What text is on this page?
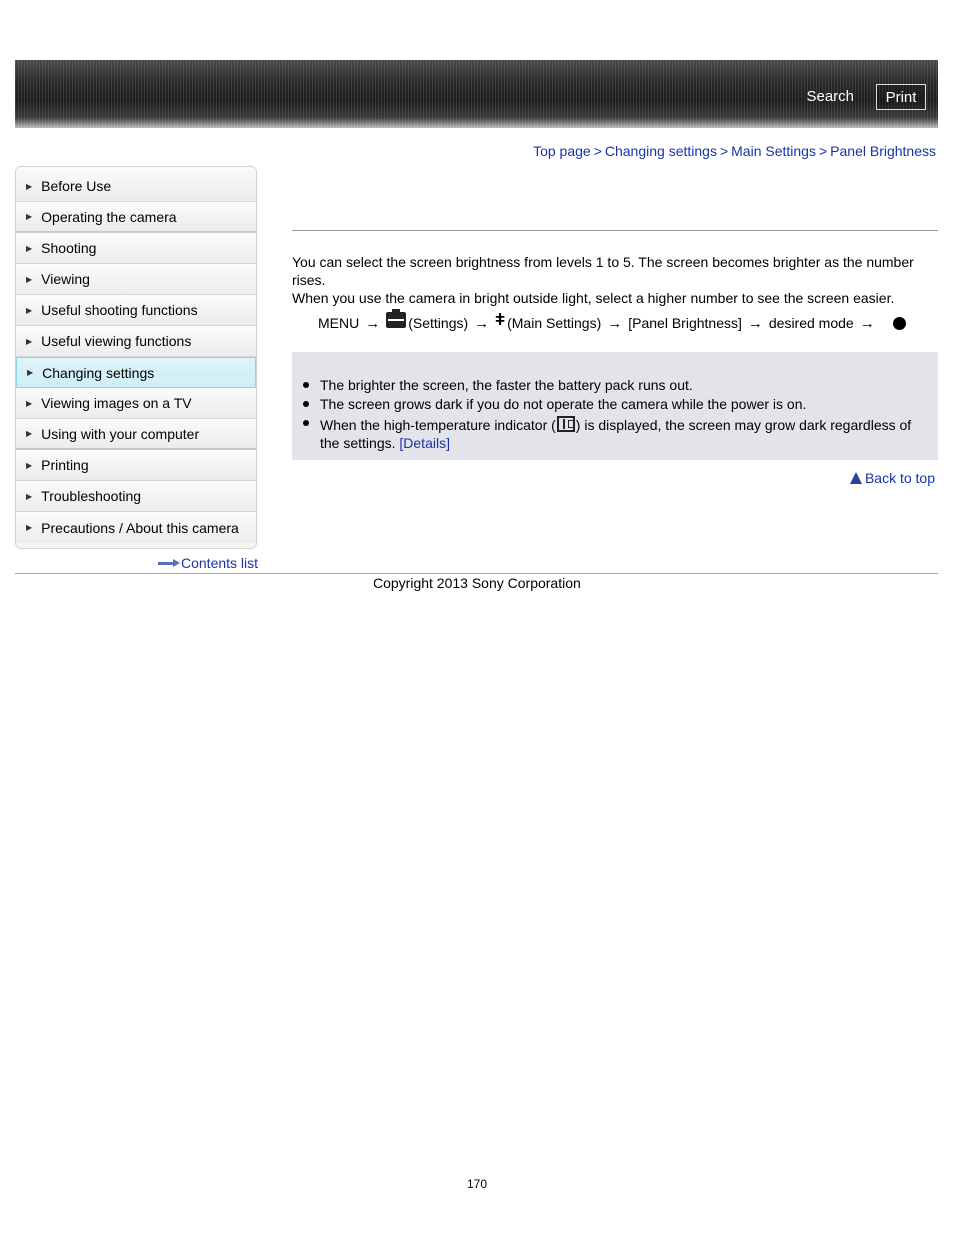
Search	Print
Top page > Changing settings > Main Settings > Panel Brightness
▶ Before Use
▶ Operating the camera
▶ Shooting
▶ Viewing
▶ Useful shooting functions
▶ Useful viewing functions
▶ Changing settings
▶ Viewing images on a TV
▶ Using with your computer
▶ Printing
▶ Troubleshooting
▶ Precautions / About this camera
Contents list

You can select the screen brightness from levels 1 to 5. The screen becomes brighter as the number rises.

When you use the camera in bright outside light, select a higher number to see the screen easier.

MENU → (Settings) → ǂ (Main Settings) → [Panel Brightness] → desired mode →
The brighter the screen, the faster the battery pack runs out.
The screen grows dark if you do not operate the camera while the power is on.
When the high-temperature indicator ( ) is displayed, the screen may grow dark regardless of the settings. [Details]
Back to top
Copyright 2013 Sony Corporation
170
